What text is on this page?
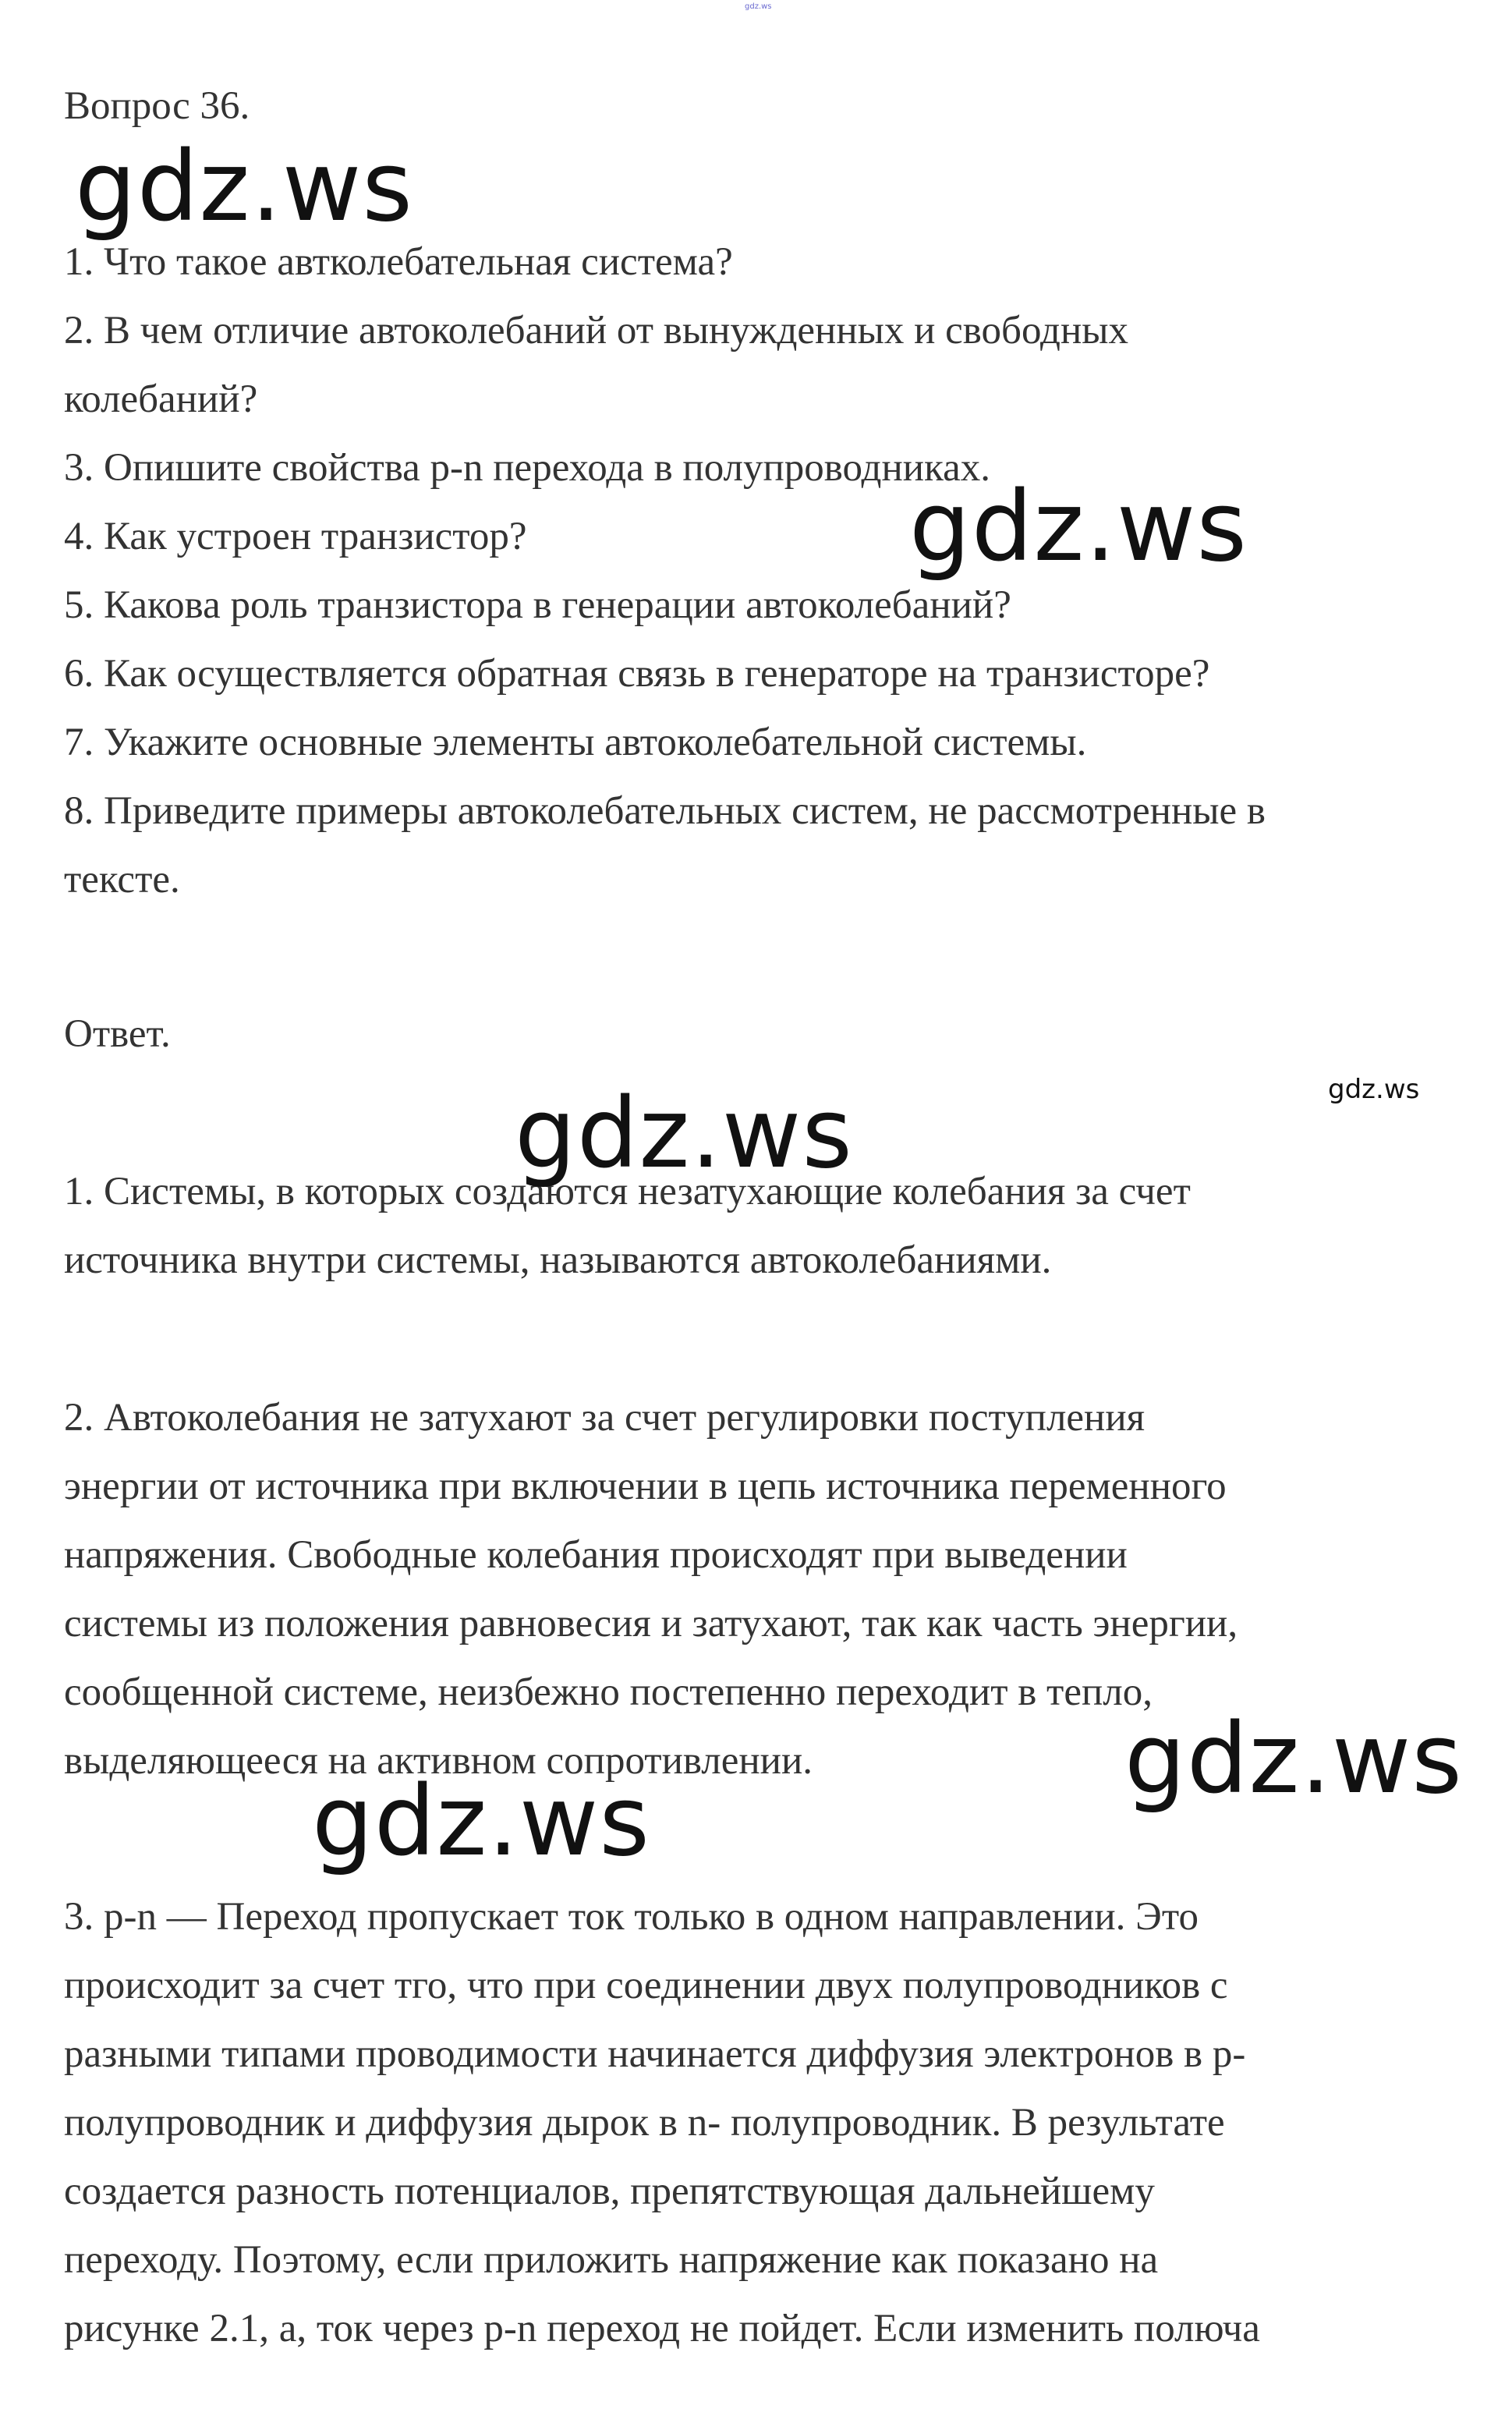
gdz.ws
Вопрос 36.
1. Что такое автколебательная система?
2. В чем отличие автоколебаний от вынужденных и свободных
колебаний?
3. Опишите свойства p-n перехода в полупроводниках.
4. Как устроен транзистор?
5. Какова роль транзистора в генерации автоколебаний?
6. Как осуществляется обратная связь в генераторе на транзисторе?
7. Укажите основные элементы автоколебательной системы.
8. Приведите примеры автоколебательных систем, не рассмотренные в
тексте.
Ответ.
1. Системы, в которых создаются незатухающие колебания за счет
источника внутри системы, называются автоколебаниями.
2. Автоколебания не затухают за счет регулировки поступления
энергии от источника при включении в цепь источника переменного
напряжения. Свободные колебания происходят при выведении
системы из положения равновесия и затухают, так как часть энергии,
сообщенной системе, неизбежно постепенно переходит в тепло,
выделяющееся на активном сопротивлении.
3. p-n — Переход пропускает ток только в одном направлении. Это
происходит за счет тго, что при соединении двух полупроводников с
разными типами проводимости начинается диффузия электронов в p-
полупроводник и диффузия дырок в n- полупроводник. В результате
создается разность потенциалов, препятствующая дальнейшему
переходу. Поэтому, если приложить напряжение как показано на
рисунке 2.1, а, ток через p-n переход не пойдет. Если изменить полюча
gdz.ws
gdz.ws
gdz.ws
gdz.ws
gdz.ws
gdz.ws
